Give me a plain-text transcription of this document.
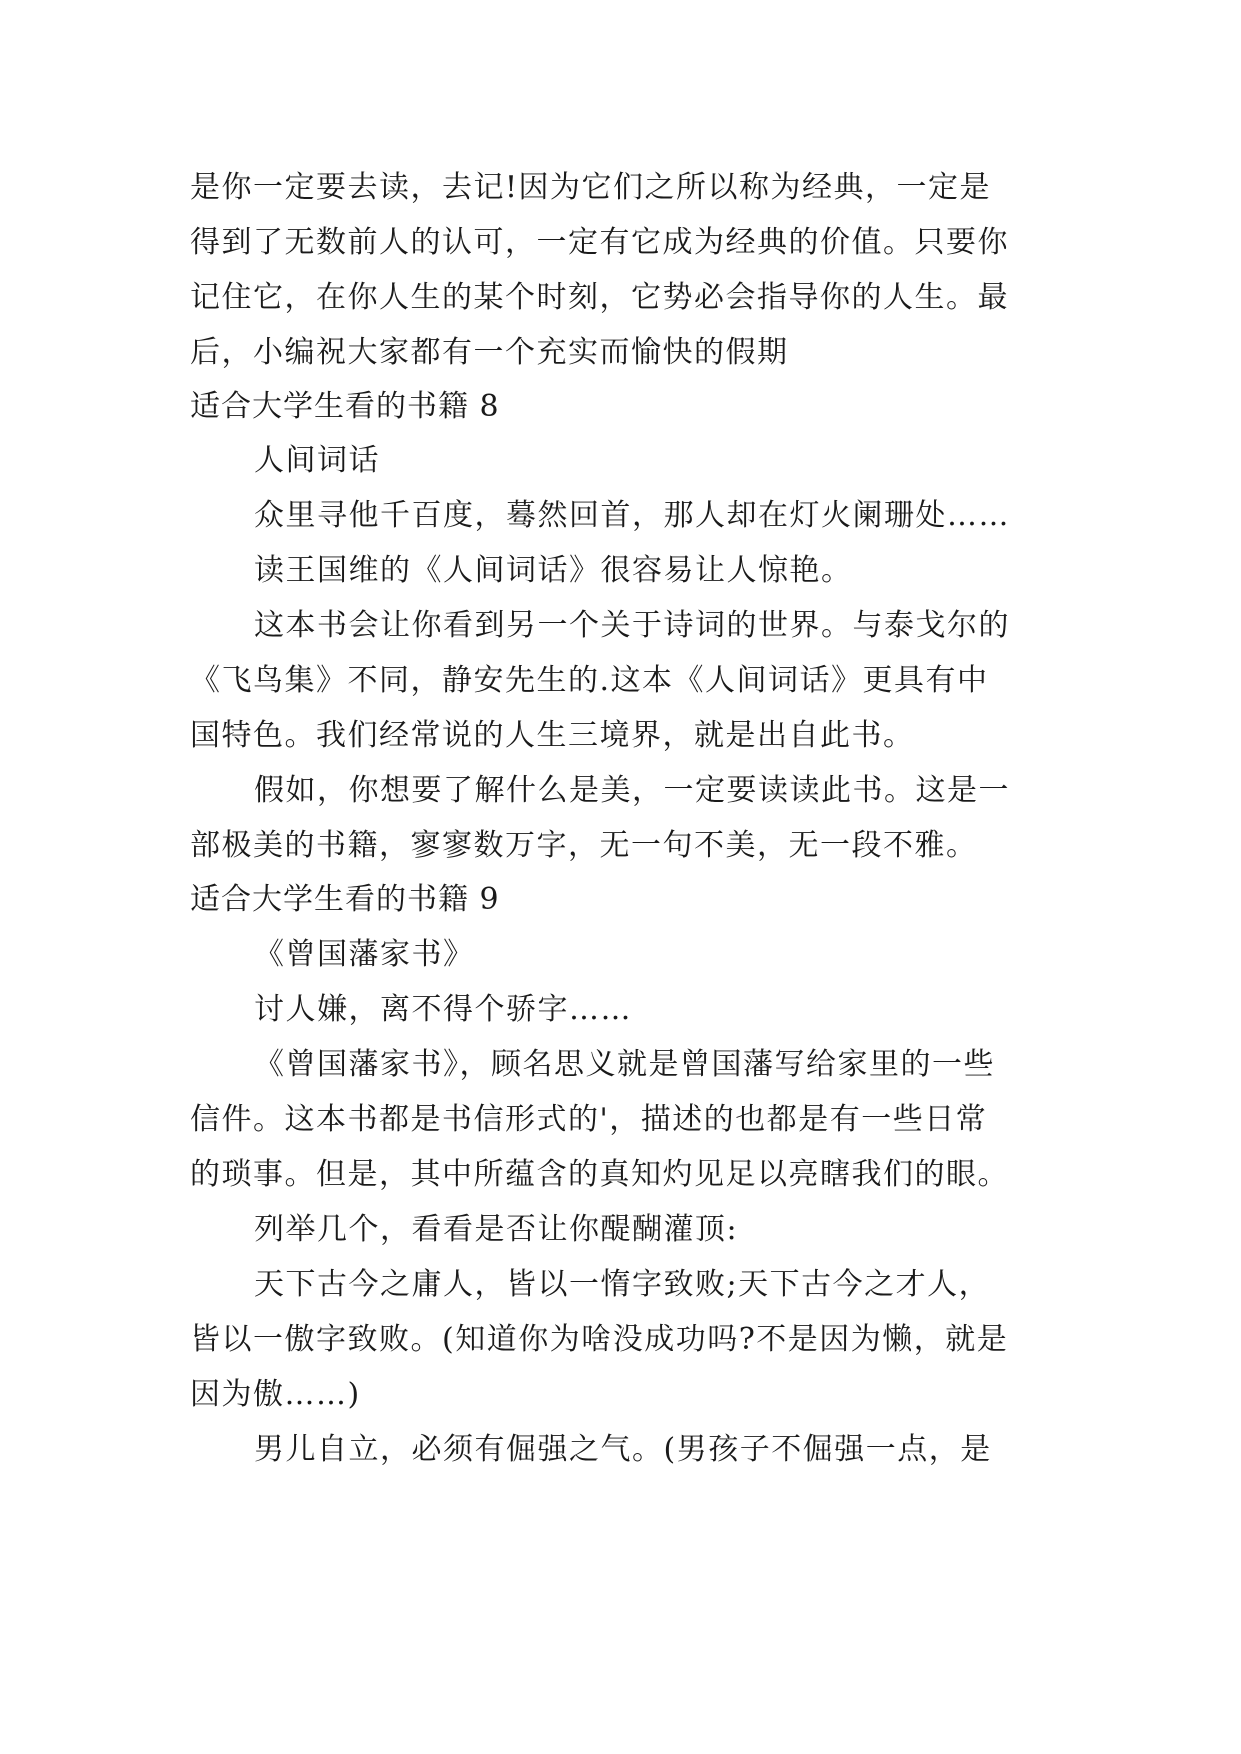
是你一定要去读，去记!因为它们之所以称为经典，一定是
得到了无数前人的认可，一定有它成为经典的价值。只要你
记住它，在你人生的某个时刻，它势必会指导你的人生。最
后，小编祝大家都有一个充实而愉快的假期
适合大学生看的书籍 8
人间词话
众里寻他千百度，蓦然回首，那人却在灯火阑珊处……
读王国维的《人间词话》很容易让人惊艳。
这本书会让你看到另一个关于诗词的世界。与泰戈尔的
《飞鸟集》不同，静安先生的.这本《人间词话》更具有中
国特色。我们经常说的人生三境界，就是出自此书。
假如，你想要了解什么是美，一定要读读此书。这是一
部极美的书籍，寥寥数万字，无一句不美，无一段不雅。
适合大学生看的书籍 9
《曾国藩家书》
讨人嫌，离不得个骄字……
《曾国藩家书》，顾名思义就是曾国藩写给家里的一些
信件。这本书都是书信形式的'，描述的也都是有一些日常
的琐事。但是，其中所蕴含的真知灼见足以亮瞎我们的眼。
列举几个，看看是否让你醍醐灌顶:
天下古今之庸人，皆以一惰字致败;天下古今之才人，
皆以一傲字致败。(知道你为啥没成功吗?不是因为懒，就是
因为傲……)
男儿自立，必须有倔强之气。(男孩子不倔强一点，是
